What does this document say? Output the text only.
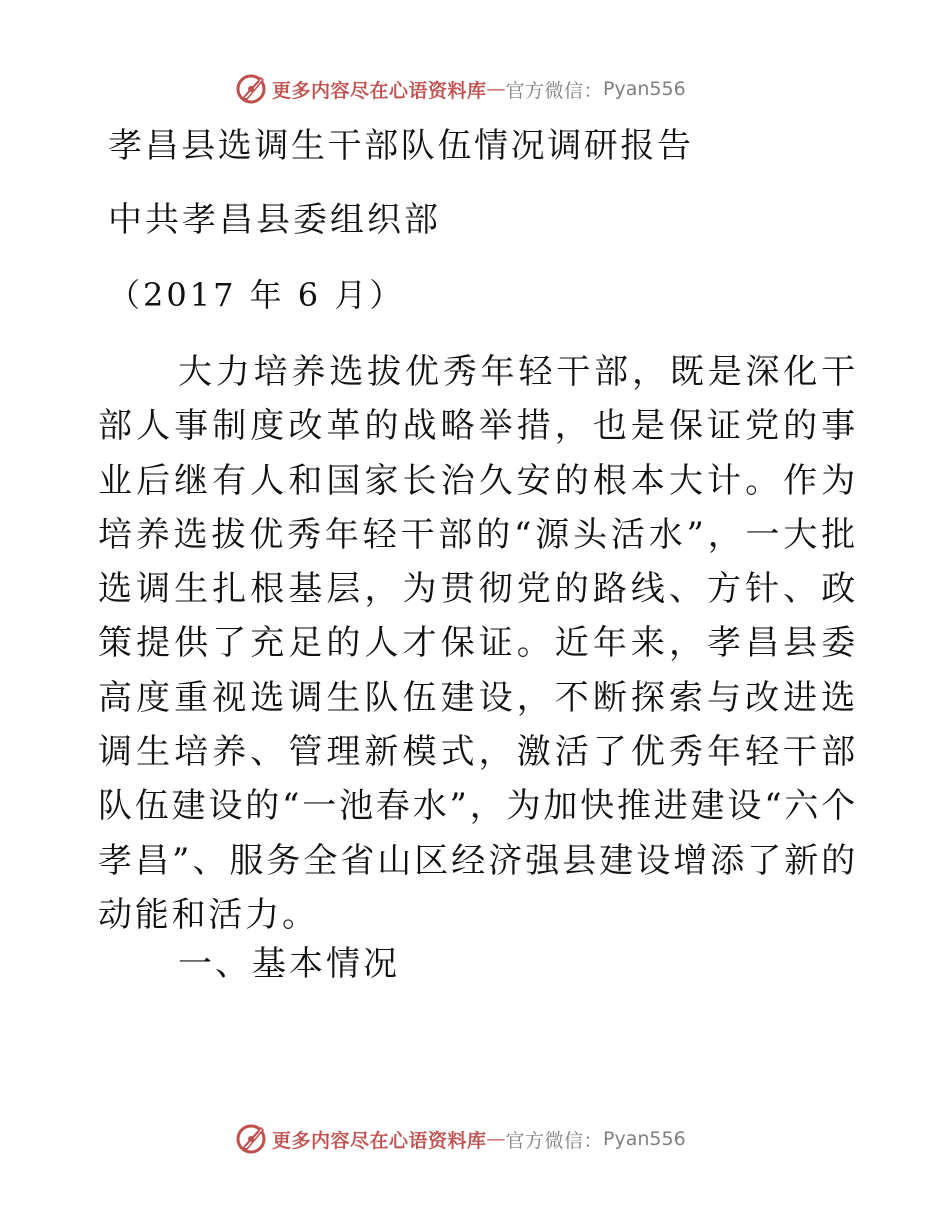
更多内容尽在心语资料库 — 官方微信： Pyan556
孝昌县选调生干部队伍情况调研报告
中共孝昌县委组织部
（2017 年 6 月）

大力培养选拔优秀年轻干部，既是深化干部人事制度改革的战略举措，也是保证党的事业后继有人和国家长治久安的根本大计。作为培养选拔优秀年轻干部的“源头活水”，一大批选调生扎根基层，为贯彻党的路线、方针、政策提供了充足的人才保证。近年来，孝昌县委高度重视选调生队伍建设，不断探索与改进选调生培养、管理新模式，激活了优秀年轻干部队伍建设的“一池春水”，为加快推进建设“六个孝昌”、服务全省山区经济强县建设增添了新的动能和活力。

一、基本情况
更多内容尽在心语资料库 — 官方微信： Pyan556
